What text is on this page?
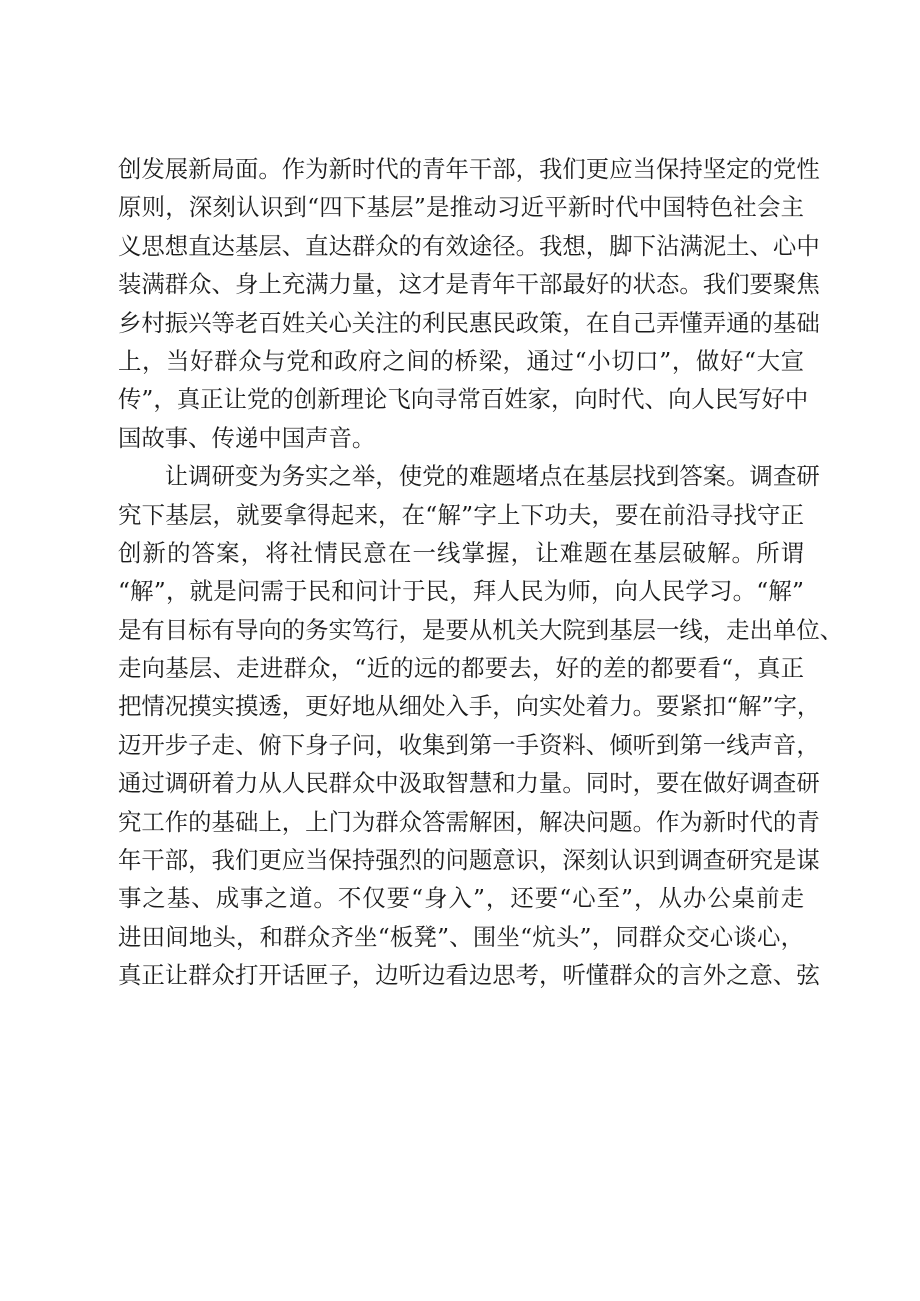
创发展新局面。作为新时代的青年干部，我们更应当保持坚定的党性
原则，深刻认识到“四下基层”是推动习近平新时代中国特色社会主
义思想直达基层、直达群众的有效途径。我想，脚下沾满泥土、心中
装满群众、身上充满力量，这才是青年干部最好的状态。我们要聚焦
乡村振兴等老百姓关心关注的利民惠民政策，在自己弄懂弄通的基础
上，当好群众与党和政府之间的桥梁，通过“小切口”，做好“大宣
传”，真正让党的创新理论飞向寻常百姓家，向时代、向人民写好中
国故事、传递中国声音。
让调研变为务实之举，使党的难题堵点在基层找到答案。调查研
究下基层，就要拿得起来，在“解”字上下功夫，要在前沿寻找守正
创新的答案，将社情民意在一线掌握，让难题在基层破解。所谓
“解”，就是问需于民和问计于民，拜人民为师，向人民学习。“解”
是有目标有导向的务实笃行，是要从机关大院到基层一线，走出单位、
走向基层、走进群众，“近的远的都要去，好的差的都要看“，真正
把情况摸实摸透，更好地从细处入手，向实处着力。要紧扣“解”字，
迈开步子走、俯下身子问，收集到第一手资料、倾听到第一线声音，
通过调研着力从人民群众中汲取智慧和力量。同时，要在做好调查研
究工作的基础上，上门为群众答需解困，解决问题。作为新时代的青
年干部，我们更应当保持强烈的问题意识，深刻认识到调查研究是谋
事之基、成事之道。不仅要“身入”，还要“心至”，从办公桌前走
进田间地头，和群众齐坐“板凳”、围坐“炕头”，同群众交心谈心，
真正让群众打开话匣子，边听边看边思考，听懂群众的言外之意、弦
